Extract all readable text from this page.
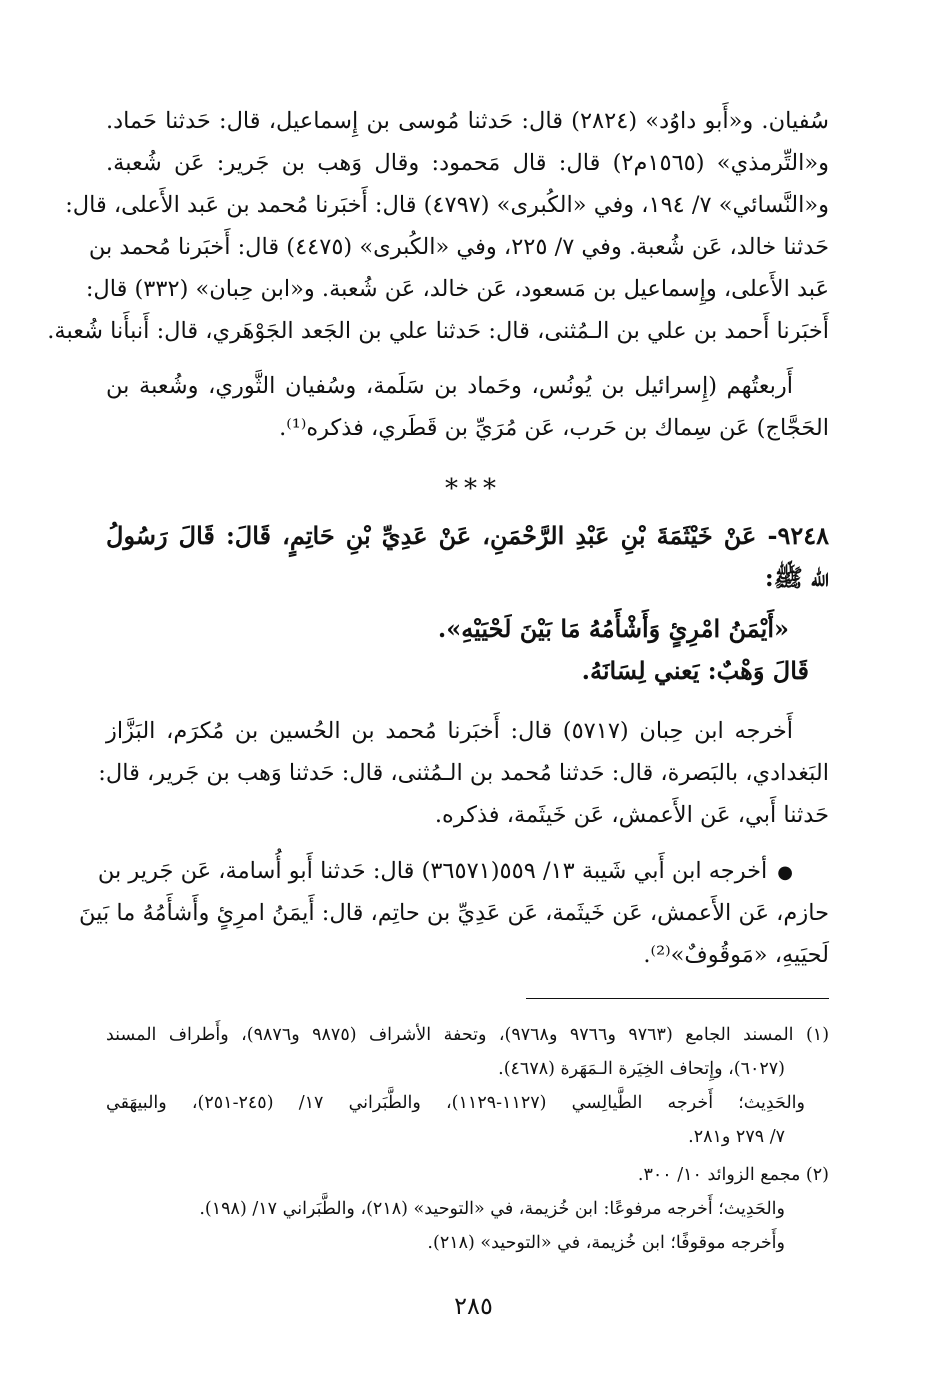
سُفيان. و«أَبو داوُد» (٢٨٢٤) قال: حَدثنا مُوسى بن إِسماعيل، قال: حَدثنا حَماد.
و«التِّرمذي» (١٥٦٥م٢) قال: قال مَحمود: وقال وَهب بن جَرير: عَن شُعبة.
و«النَّسائي» ٧/ ١٩٤، وفي «الكُبرى» (٤٧٩٧) قال: أَخبَرنا مُحمد بن عَبد الأَعلى، قال:
حَدثنا خالد، عَن شُعبة. وفي ٧/ ٢٢٥، وفي «الكُبرى» (٤٤٧٥) قال: أَخبَرنا مُحمد بن
عَبد الأَعلى، وإِسماعيل بن مَسعود، عَن خالد، عَن شُعبة. و«ابن حِبان» (٣٣٢) قال:
أَخبَرنا أَحمد بن علي بن الـمُثنى، قال: حَدثنا علي بن الجَعد الجَوْهَري، قال: أَنبأَنا شُعبة.
أَربعتُهم (إِسرائيل بن يُونُس، وحَماد بن سَلَمة، وسُفيان الثَّوري، وشُعبة بن
الحَجَّاج) عَن سِماك بن حَرب، عَن مُرَيِّ بن قَطَري، فذكره⁽¹⁾.
***
٩٢٤٨- عَنْ خَيْثَمَةَ بْنِ عَبْدِ الرَّحْمَنِ، عَنْ عَدِيِّ بْنِ حَاتِمٍ، قَالَ: قَالَ رَسُولُ
الله ﷺ:
«أَيْمَنُ امْرِئٍ وَأَشْأَمُهُ مَا بَيْنَ لَحْيَيْهِ».
قَالَ وَهْبٌ: يَعني لِسَانَهُ.
أَخرجه ابن حِبان (٥٧١٧) قال: أَخبَرنا مُحمد بن الحُسين بن مُكرَم، البَزَّاز
البَغدادي، بالبَصرة، قال: حَدثنا مُحمد بن الـمُثنى، قال: حَدثنا وَهب بن جَرير، قال:
حَدثنا أَبي، عَن الأَعمش، عَن خَيثَمة، فذكره.
●أخرجه ابن أَبي شَيبة ١٣/ ٥٥٩(٣٦٥٧١) قال: حَدثنا أَبو أُسامة، عَن جَرير بن
حازم، عَن الأَعمش، عَن خَيثَمة، عَن عَدِيِّ بن حاتِم، قال: أَيمَنُ امرِئٍ وأَشأَمُهُ ما بَينَ
لَحيَيهِ، «مَوقُوفٌ»⁽²⁾.
(١) المسند الجامع (٩٧٦٣ و٩٧٦٦ و٩٧٦٨)، وتحفة الأشراف (٩٨٧٥ و٩٨٧٦)، وأَطراف المسند
(٦٠٢٧)، وإِتحاف الخِيَرة الـمَهَرة (٤٦٧٨).
والحَدِيث؛ أَخرجه الطَّيالِسي (١١٢٧-١١٢٩)، والطَّبَراني ١٧/ (٢٤٥-٢٥١)، والبيهَقي
٧/ ٢٧٩ و٢٨١.
(٢) مجمع الزوائد ١٠/ ٣٠٠.
والحَدِيث؛ أَخرجه مرفوعًا: ابن خُزيمة، في «التوحيد» (٢١٨)، والطَّبَراني ١٧/ (١٩٨).
وأَخرجه موقوفًا؛ ابن خُزيمة، في «التوحيد» (٢١٨).
٢٨٥
